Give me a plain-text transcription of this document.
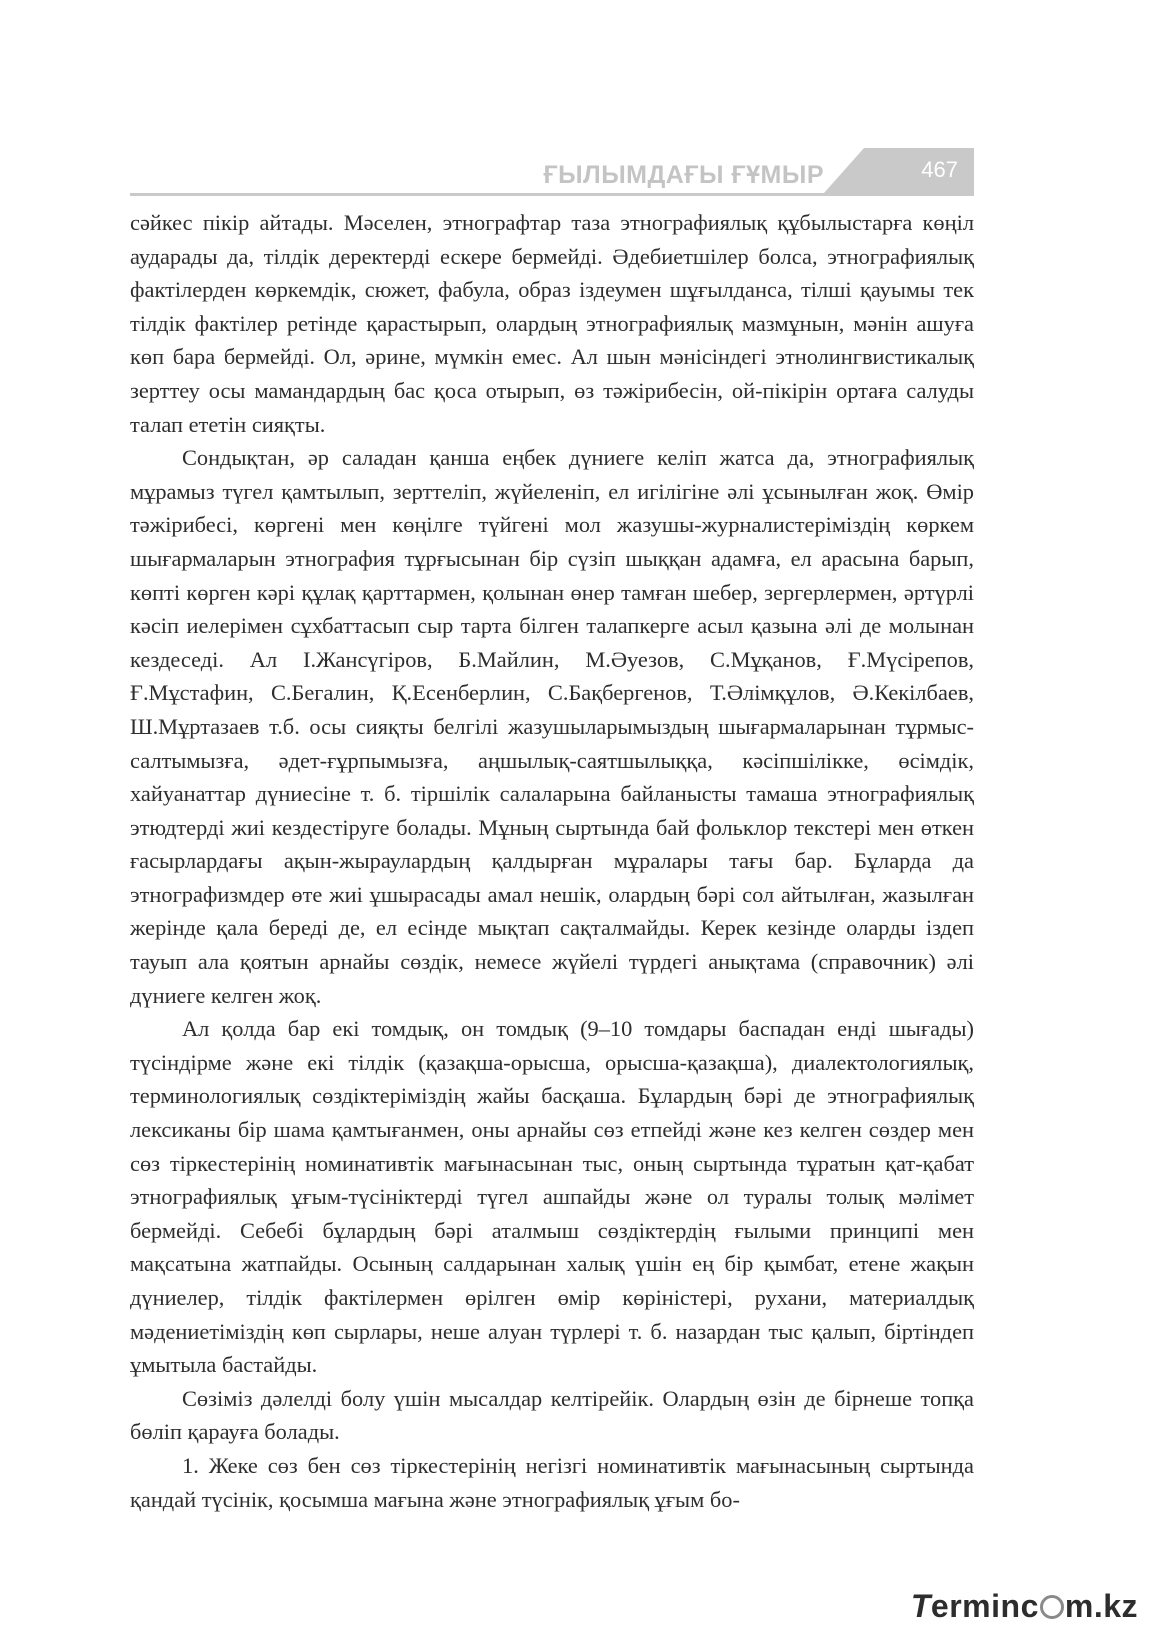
ҒЫЛЫМДАҒЫ ҒҰМЫР	467

сәйкес пікір айтады. Мәселен, этнографтар таза этнографиялық құбылыстарға көңіл аударады да, тілдік деректерді ескере бермейді. Әдебиетшілер болса, этнографиялық фактілерден көркемдік, сюжет, фабула, образ іздеумен шұғылданса, тілші қауымы тек тілдік фактілер ретінде қарастырып, олардың этнографиялық мазмұнын, мәнін ашуға көп бара бермейді. Ол, әрине, мүмкін емес. Ал шын мәнісіндегі этнолингвистикалық зерттеу осы мамандардың бас қоса отырып, өз тәжірибесін, ой-пікірін ортаға салуды талап ететін сияқты.

Сондықтан, әр саладан қанша еңбек дүниеге келіп жатса да, этнографиялық мұрамыз түгел қамтылып, зерттеліп, жүйеленіп, ел игілігіне әлі ұсынылған жоқ. Өмір тәжірибесі, көргені мен көңілге түйгені мол жазушы-журналистеріміздің көркем шығармаларын этнография тұрғысынан бір сүзіп шыққан адамға, ел арасына барып, көпті көрген кәрі құлақ қарттармен, қолынан өнер тамған шебер, зергерлермен, әртүрлі кәсіп иелерімен сұхбаттасып сыр тарта білген талапкерге асыл қазына әлі де молынан кездеседі. Ал І.Жансүгіров, Б.Майлин, М.Әуезов, С.Мұқанов, Ғ.Мүсірепов, Ғ.Мұстафин, С.Бегалин, Қ.Есенберлин, С.Бақбергенов, Т.Әлімқұлов, Ә.Кекілбаев, Ш.Мұртазаев т.б. осы сияқты белгілі жазушыларымыздың шығармаларынан тұрмыс-салтымызға, әдет-ғұрпымызға, аңшылық-саятшылыққа, кәсіпшілікке, өсімдік, хайуанаттар дүниесіне т. б. тіршілік салаларына байланысты тамаша этнографиялық этюдтерді жиі кездестіруге болады. Мұның сыртында бай фольклор текстері мен өткен ғасырлардағы ақын-жыраулардың қалдырған мұралары тағы бар. Бұларда да этнографизмдер өте жиі ұшырасады амал нешік, олардың бәрі сол айтылған, жазылған жерінде қала береді де, ел есінде мықтап сақталмайды. Керек кезінде оларды іздеп тауып ала қоятын арнайы сөздік, немесе жүйелі түрдегі анықтама (справочник) әлі дүниеге келген жоқ.

Ал қолда бар екі томдық, он томдық (9–10 томдары баспадан енді шығады) түсіндірме және екі тілдік (қазақша-орысша, орысша-қазақша), диалектологиялық, терминологиялық сөздіктеріміздің жайы басқаша. Бұлардың бәрі де этнографиялық лексиканы бір шама қамтығанмен, оны арнайы сөз етпейді және кез келген сөздер мен сөз тіркестерінің номинативтік мағынасынан тыс, оның сыртында тұратын қат-қабат этнографиялық ұғым-түсініктерді түгел ашпайды және ол туралы толық мәлімет бермейді. Себебі бұлардың бәрі аталмыш сөздіктердің ғылыми принципі мен мақсатына жатпайды. Осының салдарынан халық үшін ең бір қымбат, етене жақын дүниелер, тілдік фактілермен өрілген өмір көріністері, рухани, материалдық мәдениетіміздің көп сырлары, неше алуан түрлері т. б. назардан тыс қалып, біртіндеп ұмытыла бастайды.

Сөзіміз дәлелді болу үшін мысалдар келтірейік. Олардың өзін де бірнеше топқа бөліп қарауға болады.

1. Жеке сөз бен сөз тіркестерінің негізгі номинативтік мағынасының сыртында қандай түсінік, қосымша мағына және этнографиялық ұғым бо-

Terminc m.kz
